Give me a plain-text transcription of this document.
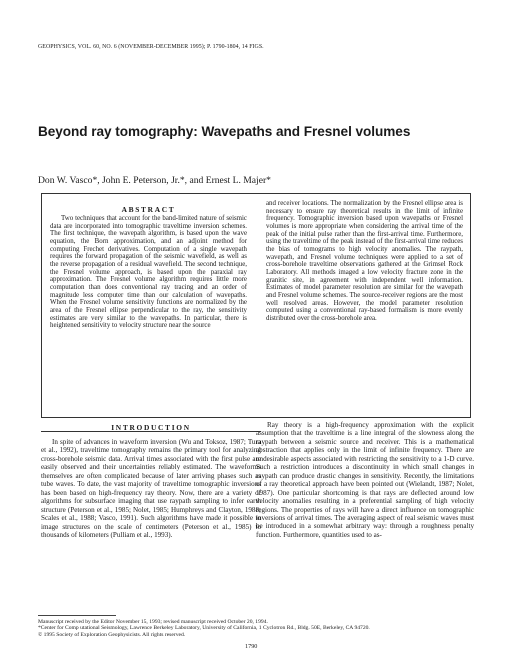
GEOPHYSICS, VOL. 60, NO. 6 (NOVEMBER-DECEMBER 1995); P. 1790-1804, 14 FIGS.
Beyond ray tomography: Wavepaths and Fresnel volumes
Don W. Vasco*, John E. Peterson, Jr.*, and Ernest L. Majer*
ABSTRACT

Two techniques that account for the band-limited nature of seismic data are incorporated into tomographic traveltime inversion schemes. The first technique, the wavepath algorithm, is based upon the wave equation, the Born approximation, and an adjoint method for computing Frechet derivatives. Computation of a single wavepath requires the forward propagation of the seismic wavefield, as well as the reverse propagation of a residual wavefield. The second technique, the Fresnel volume approach, is based upon the paraxial ray approximation. The Fresnel volume algorithm requires little more computation than does conventional ray tracing and an order of magnitude less computer time than our calculation of wavepaths. When the Fresnel volume sensitivity functions are normalized by the area of the Fresnel ellipse perpendicular to the ray, the sensitivity estimates are very similar to the wavepaths. In particular, there is heightened sensitivity to velocity structure near the source

and receiver locations. The normalization by the Fresnel ellipse area is necessary to ensure ray theoretical results in the limit of infinite frequency. Tomographic inversion based upon wavepaths or Fresnel volumes is more appropriate when considering the arrival time of the peak of the initial pulse rather than the first-arrival time. Furthermore, using the traveltime of the peak instead of the first-arrival time reduces the bias of tomograms to high velocity anomalies. The raypath, wavepath, and Fresnel volume techniques were applied to a set of cross-borehole traveltime observations gathered at the Grimsel Rock Laboratory. All methods imaged a low velocity fracture zone in the granitic site, in agreement with independent well information. Estimates of model parameter resolution are similar for the wavepath and Fresnel volume schemes. The source-receiver regions are the most well resolved areas. However, the model parameter resolution computed using a conventional ray-based formalism is more evenly distributed over the cross-borehole area.

INTRODUCTION

In spite of advances in waveform inversion (Wu and Toksoz, 1987; Tura et al., 1992), traveltime tomography remains the primary tool for analyzing cross-borehole seismic data. Arrival times associated with the first pulse are easily observed and their uncertainties reliably estimated. The waveforms themselves are often complicated because of later arriving phases such as tube waves. To date, the vast majority of traveltime tomographic inversions has been based on high-frequency ray theory. Now, there are a variety of algorithms for subsurface imaging that use raypath sampling to infer earth structure (Peterson et al., 1985; Nolet, 1985; Humphreys and Clayton, 1988; Scales et al., 1988; Vasco, 1991). Such algorithms have made it possible to image structures on the scale of centimeters (Peterson et al., 1985) to thousands of kilometers (Pulliam et al., 1993).

Ray theory is a high-frequency approximation with the explicit assumption that the traveltime is a line integral of the slowness along the raypath between a seismic source and receiver. This is a mathematical abstraction that applies only in the limit of infinite frequency. There are undesirable aspects associated with restricting the sensitivity to a 1-D curve. Such a restriction introduces a discontinuity in which small changes in raypath can produce drastic changes in sensitivity. Recently, the limitations of a ray theoretical approach have been pointed out (Wielandt, 1987; Nolet, 1987). One particular shortcoming is that rays are deflected around low velocity anomalies resulting in a preferential sampling of high velocity regions. The properties of rays will have a direct influence on tomographic inversions of arrival times. The averaging aspect of real seismic waves must be introduced in a somewhat arbitrary way: through a roughness penalty function. Furthermore, quantities used to as-

Manuscript received by the Editor November 15, 1993; revised manuscript received October 20, 1994.
*Center for Comp utational Seismology, Lawrence Berkeley Laboratory, University of California, 1 Cyclotron Rd., Bldg. 50E, Berkeley, CA 94720.
© 1995 Society of Exploration Geophysicists. All rights reserved.
1790
